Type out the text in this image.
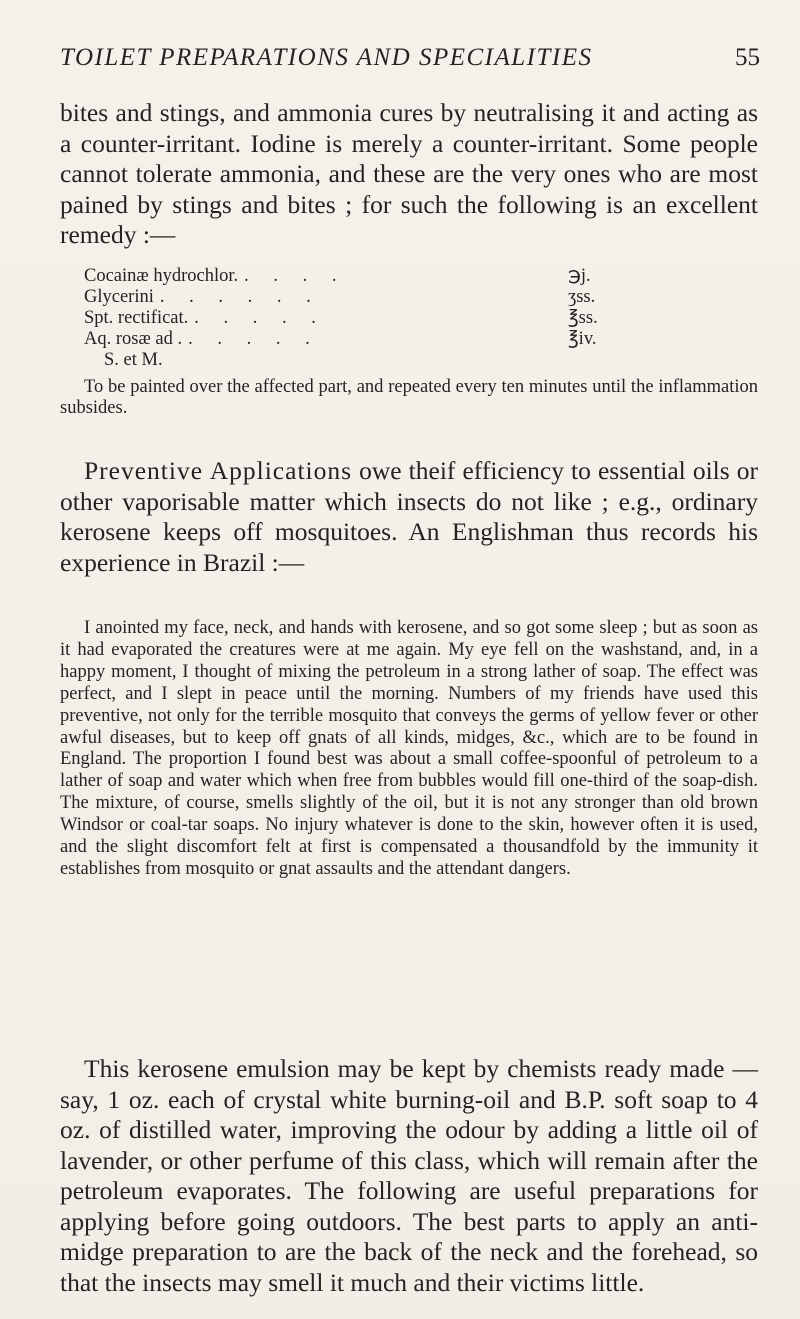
TOILET PREPARATIONS AND SPECIALITIES	55

bites and stings, and ammonia cures by neutralising it and acting as a counter-irritant. Iodine is merely a counter-irritant. Some people cannot tolerate ammonia, and these are the very ones who are most pained by stings and bites ; for such the following is an excellent remedy :—

Cocainæ hydrochlor. . . . .	℈j.
Glycerini . . . . . .	ʒss.
Spt. rectificat. . . . . .	℥ss.
Aq. rosæ ad . . . . . .	℥iv.
S. et M.

To be painted over the affected part, and repeated every ten minutes until the inflammation subsides.

Preventive Applications owe theif efficiency to essential oils or other vaporisable matter which insects do not like ; e.g., ordinary kerosene keeps off mosquitoes. An Englishman thus records his experience in Brazil :—

I anointed my face, neck, and hands with kerosene, and so got some sleep ; but as soon as it had evaporated the creatures were at me again. My eye fell on the washstand, and, in a happy moment, I thought of mixing the petroleum in a strong lather of soap. The effect was perfect, and I slept in peace until the morning. Numbers of my friends have used this preventive, not only for the terrible mosquito that conveys the germs of yellow fever or other awful diseases, but to keep off gnats of all kinds, midges, &c., which are to be found in England. The proportion I found best was about a small coffee-spoonful of petroleum to a lather of soap and water which when free from bubbles would fill one-third of the soap-dish. The mixture, of course, smells slightly of the oil, but it is not any stronger than old brown Windsor or coal-tar soaps. No injury whatever is done to the skin, however often it is used, and the slight discomfort felt at first is compensated a thousandfold by the immunity it establishes from mosquito or gnat assaults and the attendant dangers.

This kerosene emulsion may be kept by chemists ready made —say, 1 oz. each of crystal white burning-oil and B.P. soft soap to 4 oz. of distilled water, improving the odour by adding a little oil of lavender, or other perfume of this class, which will remain after the petroleum evaporates. The following are useful preparations for applying before going outdoors. The best parts to apply an anti-midge preparation to are the back of the neck and the forehead, so that the insects may smell it much and their victims little.
